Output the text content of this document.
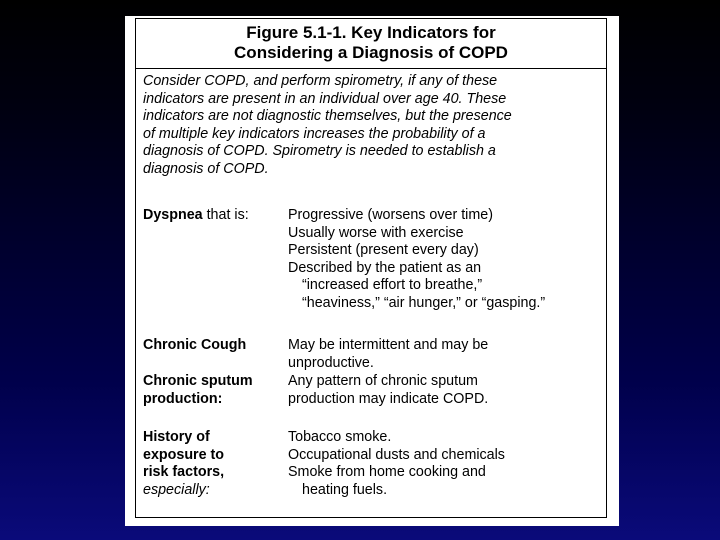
Figure 5.1-1. Key Indicators for
Considering a Diagnosis of COPD
Consider COPD, and perform spirometry, if any of these
indicators are present in an individual over age 40. These
indicators are not diagnostic themselves, but the presence
of multiple key indicators increases the probability of a
diagnosis of COPD. Spirometry is needed to establish a
diagnosis of COPD.
Dyspnea that is:	Progressive (worsens over time)
Usually worse with exercise
Persistent (present every day)
Described by the patient as an
“increased effort to breathe,”
“heaviness,” “air hunger,” or “gasping.”
Chronic Cough	May be intermittent and may be
unproductive.
Chronic sputum
production:
Any pattern of chronic sputum
production may indicate COPD.
History of
exposure to
risk factors,
especially:
Tobacco smoke.
Occupational dusts and chemicals
Smoke from home cooking and
heating fuels.
